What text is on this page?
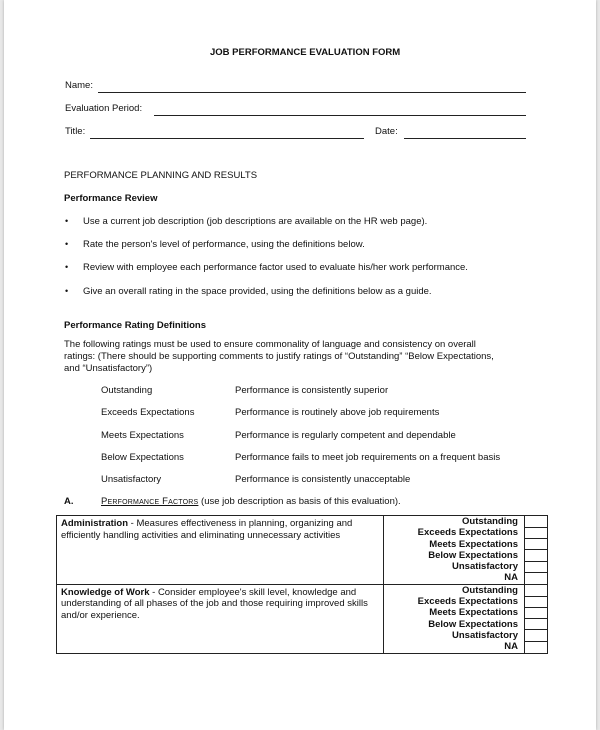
JOB PERFORMANCE EVALUATION FORM
Name:
Evaluation Period:
Title:	Date:
PERFORMANCE PLANNING AND RESULTS
Performance Review
• Use a current job description (job descriptions are available on the HR web page).
• Rate the person's level of performance, using the definitions below.
• Review with employee each performance factor used to evaluate his/her work performance.
• Give an overall rating in the space provided, using the definitions below as a guide.
Performance Rating Definitions
The following ratings must be used to ensure commonality of language and consistency on overall
ratings: (There should be supporting comments to justify ratings of “Outstanding” “Below Expectations,
and “Unsatisfactory”)
Outstanding	Performance is consistently superior
Exceeds Expectations	Performance is routinely above job requirements
Meets Expectations	Performance is regularly competent and dependable
Below Expectations	Performance fails to meet job requirements on a frequent basis
Unsatisfactory	Performance is consistently unacceptable
A.	Performance Factors (use job description as basis of this evaluation).
Administration - Measures effectiveness in planning, organizing and efficiently handling activities and eliminating unnecessary activities	Outstanding	
	Exceeds Expectations	
	Meets Expectations	
	Below Expectations	
	Unsatisfactory	
	NA	
Knowledge of Work - Consider employee's skill level, knowledge and understanding of all phases of the job and those requiring improved skills and/or experience.	Outstanding	
	Exceeds Expectations	
	Meets Expectations	
	Below Expectations	
	Unsatisfactory	
	NA	
